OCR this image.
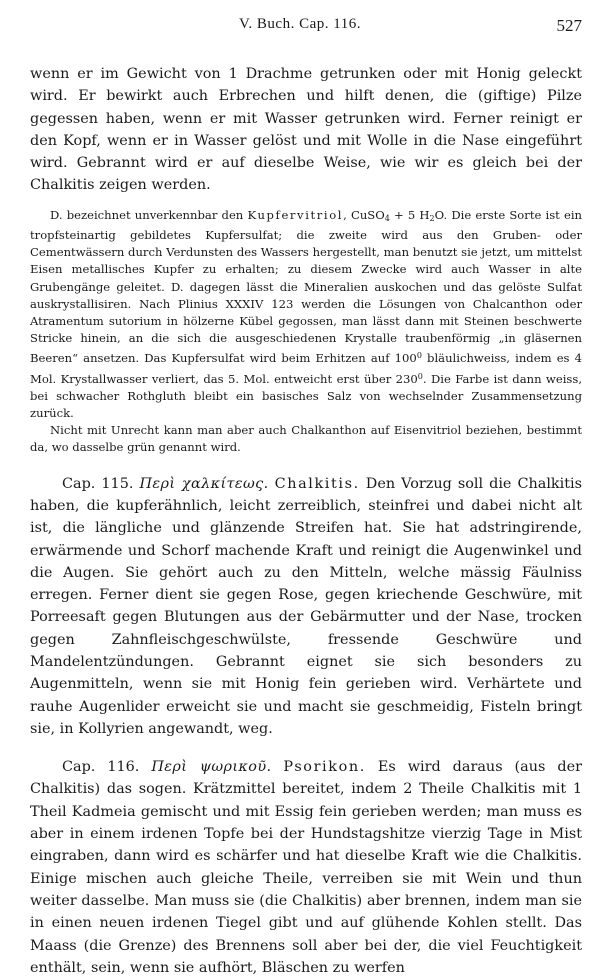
V. Buch. Cap. 116.	527

wenn er im Gewicht von 1 Drachme getrunken oder mit Honig geleckt wird. Er bewirkt auch Erbrechen und hilft denen, die (giftige) Pilze gegessen haben, wenn er mit Wasser getrunken wird. Ferner reinigt er den Kopf, wenn er in Wasser gelöst und mit Wolle in die Nase eingeführt wird. Gebrannt wird er auf dieselbe Weise, wie wir es gleich bei der Chalkitis zeigen werden.

D. bezeichnet unverkennbar den Kupfervitriol, CuSO$_4$ + 5 $H_2O$. Die erste Sorte ist ein tropfsteinartig gebildetes Kupfersulfat; die zweite wird aus den Gruben- oder Cementwässern durch Verdunsten des Wassers hergestellt, man benutzt sie jetzt, um mittelst Eisen metallisches Kupfer zu erhalten; zu diesem Zwecke wird auch Wasser in alte Grubengänge geleitet. D. dagegen lässt die Mineralien auskochen und das gelöste Sulfat auskrystallisiren. Nach Plinius XXXIV 123 werden die Lösungen von Chalcanthon oder Atramentum sutorium in hölzerne Kübel gegossen, man lässt dann mit Steinen beschwerte Stricke hinein, an die sich die ausgeschiedenen Krystalle traubenförmig „in gläsernen Beeren“ ansetzen. Das Kupfersulfat wird beim Erhitzen auf $100^0$ bläulichweiss, indem es 4 Mol. Krystallwasser verliert, das 5. Mol. entweicht erst über $230^0$. Die Farbe ist dann weiss, bei schwacher Rothgluth bleibt ein basisches Salz von wechselnder Zusammensetzung zurück.

Nicht mit Unrecht kann man aber auch Chalkanthon auf Eisenvitriol beziehen, bestimmt da, wo dasselbe grün genannt wird.

Cap. 115. Περὶ χαλκίτεως. Chalkitis. Den Vorzug soll die Chalkitis haben, die kupferähnlich, leicht zerreiblich, steinfrei und dabei nicht alt ist, die längliche und glänzende Streifen hat. Sie hat adstringirende, erwärmende und Schorf machende Kraft und reinigt die Augenwinkel und die Augen. Sie gehört auch zu den Mitteln, welche mässig Fäulniss erregen. Ferner dient sie gegen Rose, gegen kriechende Geschwüre, mit Porreesaft gegen Blutungen aus der Gebärmutter und der Nase, trocken gegen Zahnfleischgeschwülste, fressende Geschwüre und Mandelentzündungen. Gebrannt eignet sie sich besonders zu Augenmitteln, wenn sie mit Honig fein gerieben wird. Verhärtete und rauhe Augenlider erweicht sie und macht sie geschmeidig, Fisteln bringt sie, in Kollyrien angewandt, weg.

Cap. 116. Περὶ ψωρικοῦ. Psorikon. Es wird daraus (aus der Chalkitis) das sogen. Krätzmittel bereitet, indem 2 Theile Chalkitis mit 1 Theil Kadmeia gemischt und mit Essig fein gerieben werden; man muss es aber in einem irdenen Topfe bei der Hundstagshitze vierzig Tage in Mist eingraben, dann wird es schärfer und hat dieselbe Kraft wie die Chalkitis. Einige mischen auch gleiche Theile, verreiben sie mit Wein und thun weiter dasselbe. Man muss sie (die Chalkitis) aber brennen, indem man sie in einen neuen irdenen Tiegel gibt und auf glühende Kohlen stellt. Das Maass (die Grenze) des Brennens soll aber bei der, die viel Feuchtigkeit enthält, sein, wenn sie aufhört, Bläschen zu werfen
